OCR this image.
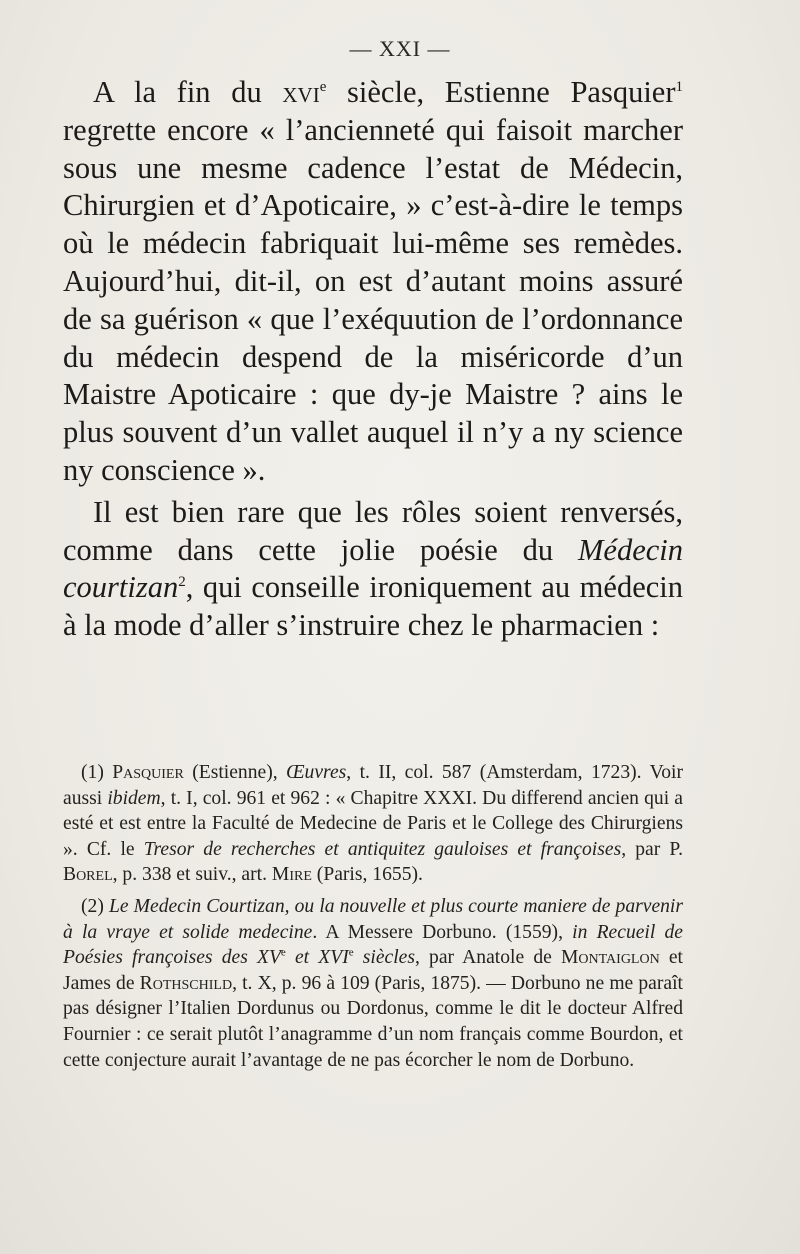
— XXI —

A la fin du xvi$^e$ siècle, Estienne Pasquier$^1$ regrette encore « l’ancienneté qui faisoit marcher sous une mesme cadence l’estat de Médecin, Chirurgien et d’Apoticaire, » c’est-à-dire le temps où le médecin fabriquait lui-même ses remèdes. Aujourd’hui, dit-il, on est d’autant moins assuré de sa guérison « que l’exéquution de l’ordonnance du médecin despend de la miséricorde d’un Maistre Apoticaire : que dy-je Maistre ? ains le plus souvent d’un vallet auquel il n’y a ny science ny conscience ».

Il est bien rare que les rôles soient renversés, comme dans cette jolie poésie du Médecin courtizan$^2$, qui conseille ironiquement au médecin à la mode d’aller s’instruire chez le pharmacien :

(1) Pasquier (Estienne), Œuvres, t. II, col. 587 (Amsterdam, 1723). Voir aussi ibidem, t. I, col. 961 et 962 : « Chapitre XXXI. Du differend ancien qui a esté et est entre la Faculté de Medecine de Paris et le College des Chirurgiens ». Cf. le Tresor de recherches et antiquitez gauloises et françoises, par P. Borel, p. 338 et suiv., art. Mire (Paris, 1655).

(2) Le Medecin Courtizan, ou la nouvelle et plus courte maniere de parvenir à la vraye et solide medecine. A Messere Dorbuno. (1559), in Recueil de Poésies françoises des XVe et XVIe siècles, par Anatole de Montaiglon et James de Rothschild, t. X, p. 96 à 109 (Paris, 1875). — Dorbuno ne me paraît pas désigner l’Italien Dordunus ou Dordonus, comme le dit le docteur Alfred Fournier : ce serait plutôt l’anagramme d’un nom français comme Bourdon, et cette conjecture aurait l’avantage de ne pas écorcher le nom de Dorbuno.
